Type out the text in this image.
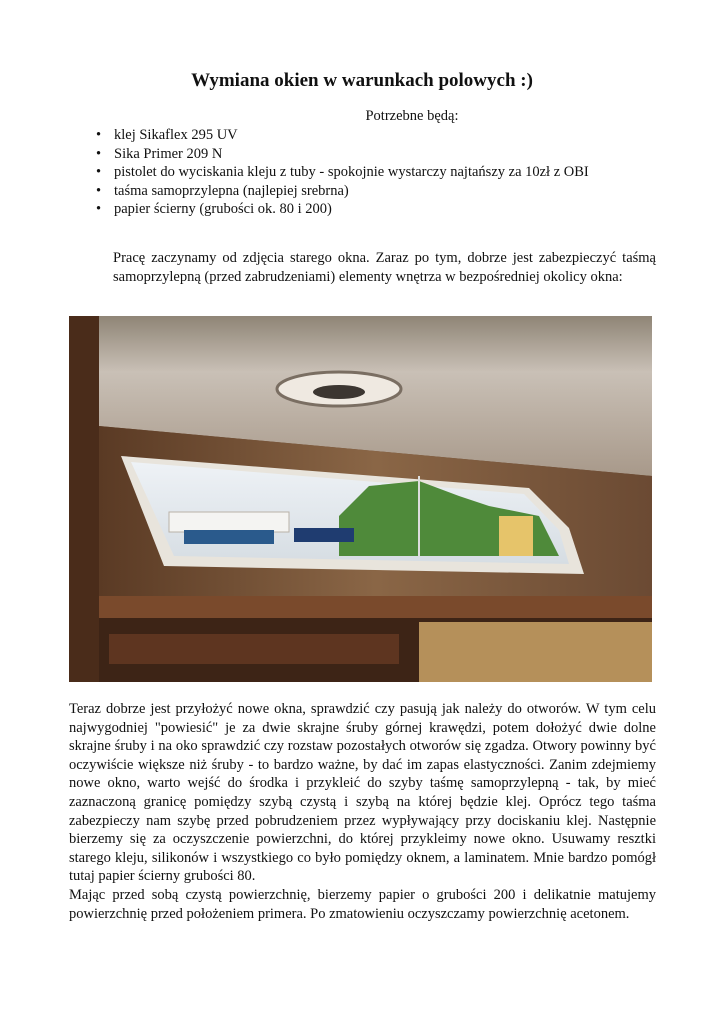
Wymiana okien w warunkach polowych :)
Potrzebne będą:
• klej Sikaflex 295 UV
• Sika Primer 209 N
• pistolet do wyciskania kleju z tuby - spokojnie wystarczy najtańszy za 10zł z OBI
• taśma samoprzylepna (najlepiej srebrna)
• papier ścierny (grubości ok. 80 i 200)

Pracę zaczynamy od zdjęcia starego okna. Zaraz po tym, dobrze jest zabezpieczyć taśmą samoprzylepną (przed zabrudzeniami) elementy wnętrza w bezpośredniej okolicy okna:

Teraz dobrze jest przyłożyć nowe okna, sprawdzić czy pasują jak należy do otworów. W tym celu najwygodniej "powiesić" je za dwie skrajne śruby górnej krawędzi, potem dołożyć dwie dolne skrajne śruby i na oko sprawdzić czy rozstaw pozostałych otworów się zgadza. Otwory powinny być oczywiście większe niż śruby - to bardzo ważne, by dać im zapas elastyczności. Zanim zdejmiemy nowe okno, warto wejść do środka i przykleić do szyby taśmę samoprzylepną - tak, by mieć zaznaczoną granicę pomiędzy szybą czystą i szybą na której będzie klej. Oprócz tego taśma zabezpieczy nam szybę przed pobrudzeniem przez wypływający przy dociskaniu klej. Następnie bierzemy się za oczyszczenie powierzchni, do której przykleimy nowe okno. Usuwamy resztki starego kleju, silikonów i wszystkiego co było pomiędzy oknem, a laminatem. Mnie bardzo pomógł tutaj papier ścierny grubości 80.

Mając przed sobą czystą powierzchnię, bierzemy papier o grubości 200 i delikatnie matujemy powierzchnię przed położeniem primera. Po zmatowieniu oczyszczamy powierzchnię acetonem.
